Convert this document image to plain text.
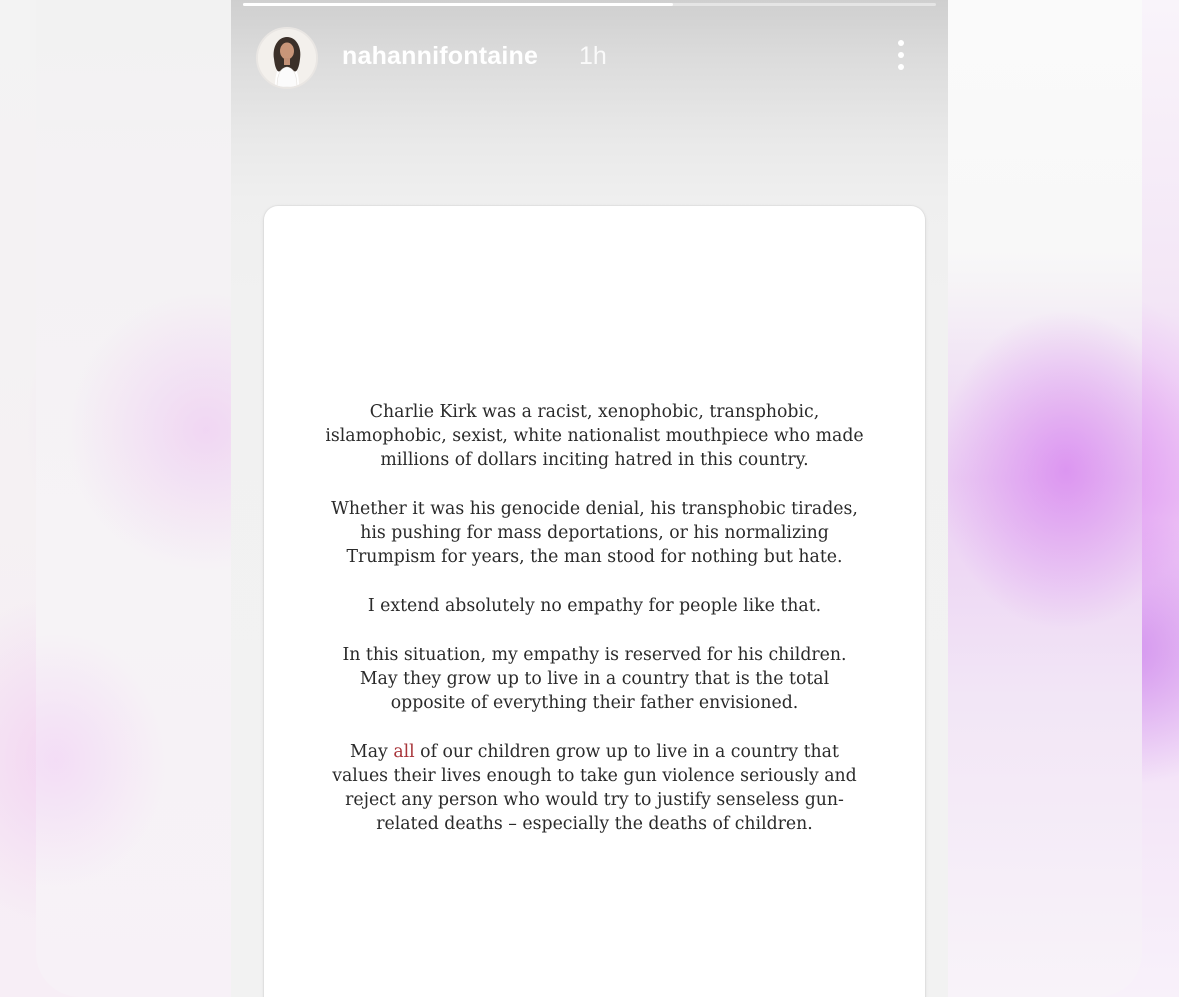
nahannifontaine 1h

Charlie Kirk was a racist, xenophobic, transphobic,
islamophobic, sexist, white nationalist mouthpiece who made
millions of dollars inciting hatred in this country.

Whether it was his genocide denial, his transphobic tirades,
his pushing for mass deportations, or his normalizing
Trumpism for years, the man stood for nothing but hate.

I extend absolutely no empathy for people like that.

In this situation, my empathy is reserved for his children.
May they grow up to live in a country that is the total
opposite of everything their father envisioned.

May all of our children grow up to live in a country that
values their lives enough to take gun violence seriously and
reject any person who would try to justify senseless gun-
related deaths – especially the deaths of children.
